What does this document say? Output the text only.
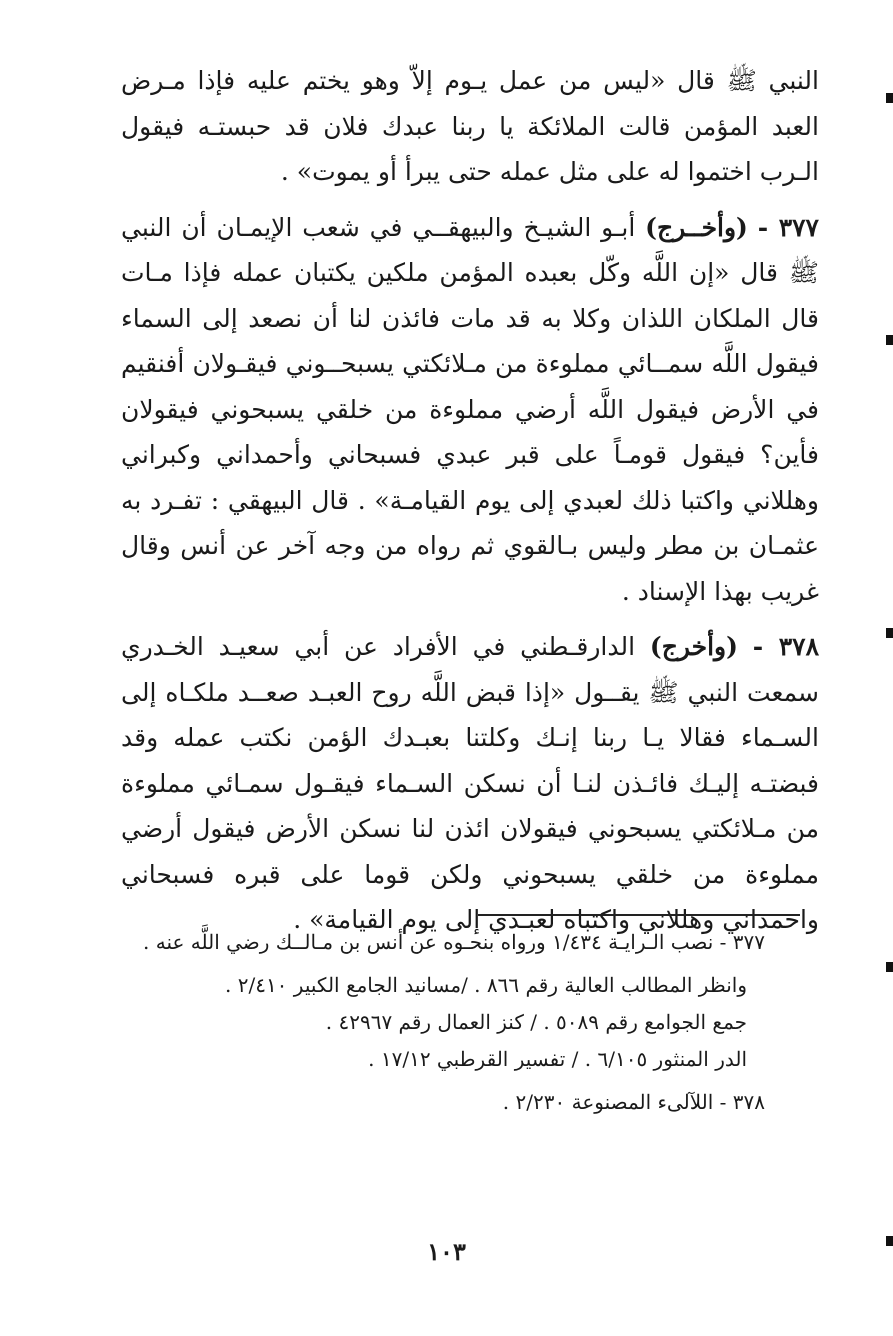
النبي ﷺ قال «ليس من عمل يـوم إلاّ وهو يختم عليه فإذا مـرض العبد المؤمن قالت الملائكة يا ربنا عبدك فلان قد حبستـه فيقول الـرب اختموا له على مثل عمله حتى يبرأ أو يموت» .

٣٧٧ - (وأخــرج) أبـو الشيـخ والبيهقــي في شعب الإيمـان أن النبي ﷺ قال «إن اللَّه وكّل بعبده المؤمن ملكين يكتبان عمله فإذا مـات قال الملكان اللذان وكلا به قد مات فائذن لنا أن نصعد إلى السماء فيقول اللَّه سمــائي مملوءة من مـلائكتي يسبحــوني فيقـولان أفنقيم في الأرض فيقول اللَّه أرضي مملوءة من خلقي يسبحوني فيقولان فأين؟ فيقول قومـاً على قبر عبدي فسبحاني وأحمداني وكبراني وهللاني واكتبا ذلك لعبدي إلى يوم القيامـة» . قال البيهقي : تفـرد به عثمـان بن مطر وليس بـالقوي ثم رواه من وجه آخر عن أنس وقال غريب بهذا الإسناد .

٣٧٨ - (وأخرج) الدارقـطني في الأفراد عن أبي سعيـد الخـدري سمعت النبي ﷺ يقــول «إذا قبض اللَّه روح العبـد صعــد ملكـاه إلى السـماء فقالا يـا ربنا إنـك وكلتنا بعبـدك الؤمن نكتب عمله وقد فبضتـه إليـك فائـذن لنـا أن نسكن السـماء فيقـول سمـائي مملوءة من مـلائكتي يسبحوني فيقولان ائذن لنا نسكن الأرض فيقول أرضي مملوءة من خلقي يسبحوني ولكن قوما على قبره فسبحاني واحمداني وهللاني واكتباه لعبـدي إلى يوم القيامة» .

٣٧٧ - نصب الـرايـة ١/٤٣٤ ورواه بنحـوه عن أنس بن مـالــك رضي اللَّه عنه .

وانظر المطالب العالية رقم ٨٦٦ . /مسانيد الجامع الكبير ٢/٤١٠ .

جمع الجوامع رقم ٥٠٨٩ . / كنز العمال رقم ٤٢٩٦٧ .

الدر المنثور ٦/١٠٥ . / تفسير القرطبي ١٧/١٢ .

٣٧٨ - اللآلىء المصنوعة ٢/٢٣٠ .

١٠٣
